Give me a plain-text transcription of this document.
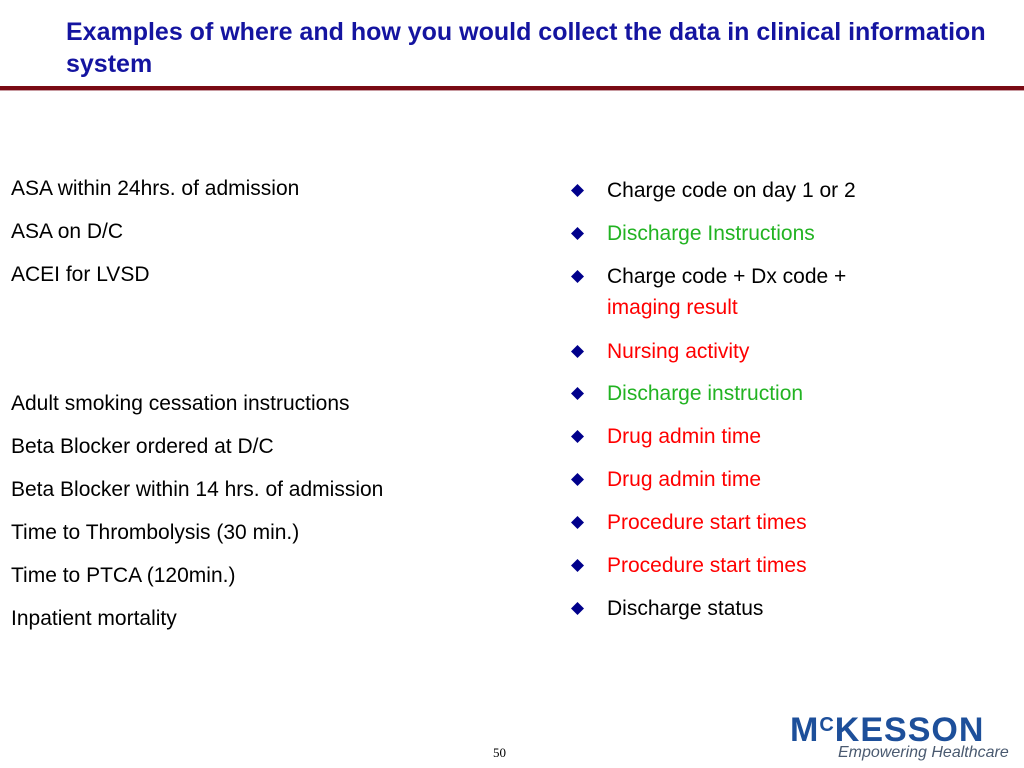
Examples of where and how you would collect the data in clinical information system
ASA within 24hrs. of admission
ASA on D/C
ACEI for LVSD
Adult smoking cessation instructions
Beta Blocker ordered at D/C
Beta Blocker within 14 hrs. of admission
Time to Thrombolysis (30 min.)
Time to PTCA (120min.)
Inpatient mortality
Charge code on day 1 or 2
Discharge Instructions
Charge code + Dx code +
imaging result
Nursing activity
Discharge instruction
Drug admin time
Drug admin time
Procedure start times
Procedure start times
Discharge status
$M^CKESSON$
Empowering Healthcare
50
